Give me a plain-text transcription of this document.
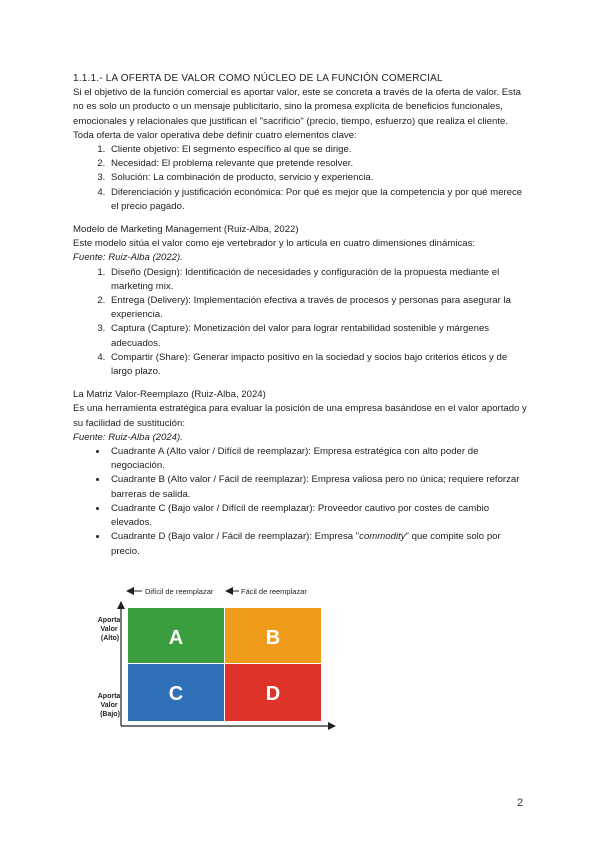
1.1.1.- LA OFERTA DE VALOR COMO NÚCLEO DE LA FUNCIÓN COMERCIAL

Si el objetivo de la función comercial es aportar valor, este se concreta a través de la oferta de valor. Esta no es solo un producto o un mensaje publicitario, sino la promesa explícita de beneficios funcionales, emocionales y relacionales que justifican el "sacrificio" (precio, tiempo, esfuerzo) que realiza el cliente.

Toda oferta de valor operativa debe definir cuatro elementos clave:

1. Cliente objetivo: El segmento específico al que se dirige.
2. Necesidad: El problema relevante que pretende resolver.
3. Solución: La combinación de producto, servicio y experiencia.
4. Diferenciación y justificación económica: Por qué es mejor que la competencia y por qué merece el precio pagado.

Modelo de Marketing Management (Ruiz-Alba, 2022)

Este modelo sitúa el valor como eje vertebrador y lo articula en cuatro dimensiones dinámicas:

Fuente: Ruiz-Alba (2022).

1. Diseño (Design): Identificación de necesidades y configuración de la propuesta mediante el marketing mix.
2. Entrega (Delivery): Implementación efectiva a través de procesos y personas para asegurar la experiencia.
3. Captura (Capture): Monetización del valor para lograr rentabilidad sostenible y márgenes adecuados.
4. Compartir (Share): Generar impacto positivo en la sociedad y socios bajo criterios éticos y de largo plazo.

La Matriz Valor-Reemplazo (Ruiz-Alba, 2024)

Es una herramienta estratégica para evaluar la posición de una empresa basándose en el valor aportado y su facilidad de sustitución:

Fuente: Ruiz-Alba (2024).

• Cuadrante A (Alto valor / Difícil de reemplazar): Empresa estratégica con alto poder de negociación.
• Cuadrante B (Alto valor / Fácil de reemplazar): Empresa valiosa pero no única; requiere reforzar barreras de salida.
• Cuadrante C (Bajo valor / Difícil de reemplazar): Proveedor cautivo por costes de cambio elevados.
• Cuadrante D (Bajo valor / Fácil de reemplazar): Empresa "commodity" que compite solo por precio.
Difícil de reemplazar	Fácil de reemplazar
A	B
C	D
Aporta Valor (Alto)
Aporta Valor (Bajo)
2
